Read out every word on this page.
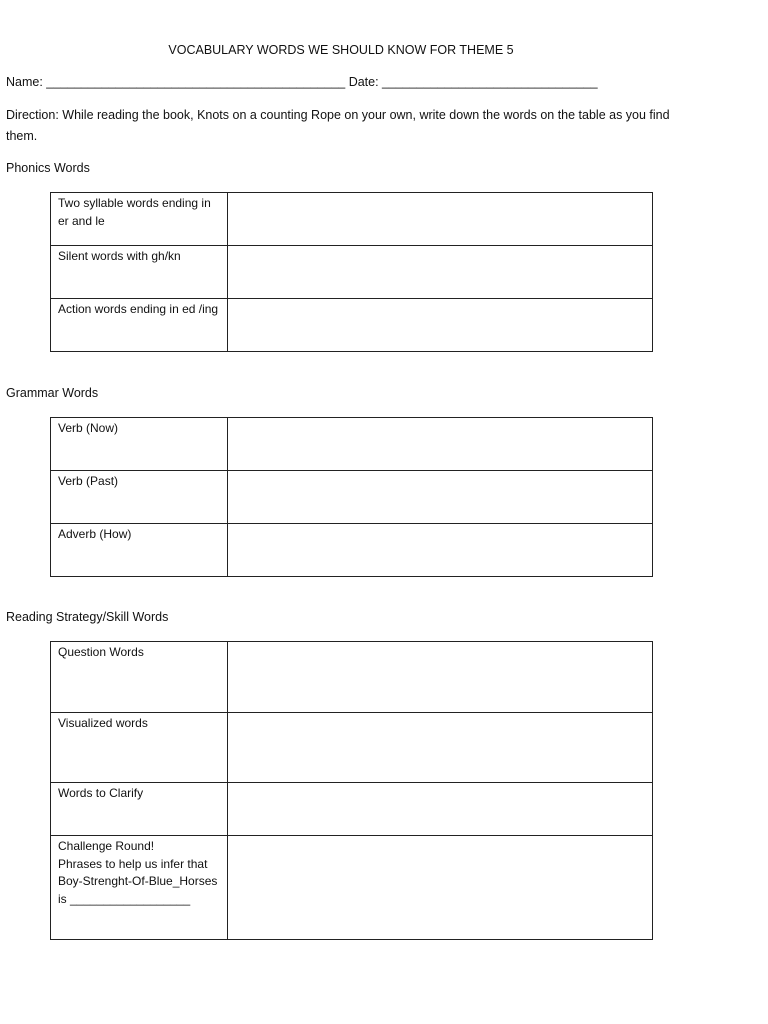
VOCABULARY WORDS WE SHOULD KNOW FOR THEME 5
Name: ___________________________________________ Date: _______________________________
Direction: While reading the book, Knots on a counting Rope on your own, write down the words on the table as you find them.
Phonics Words
Two syllable words ending in er and le	
Silent words with gh/kn	
Action words ending in ed /ing	
Grammar Words
Verb (Now)	
Verb (Past)	
Adverb (How)	
Reading Strategy/Skill Words
Question Words	
Visualized words	
Words to Clarify	
Challenge Round!
Phrases to help us infer that Boy-Strenght-Of-Blue_Horses is __________________	
